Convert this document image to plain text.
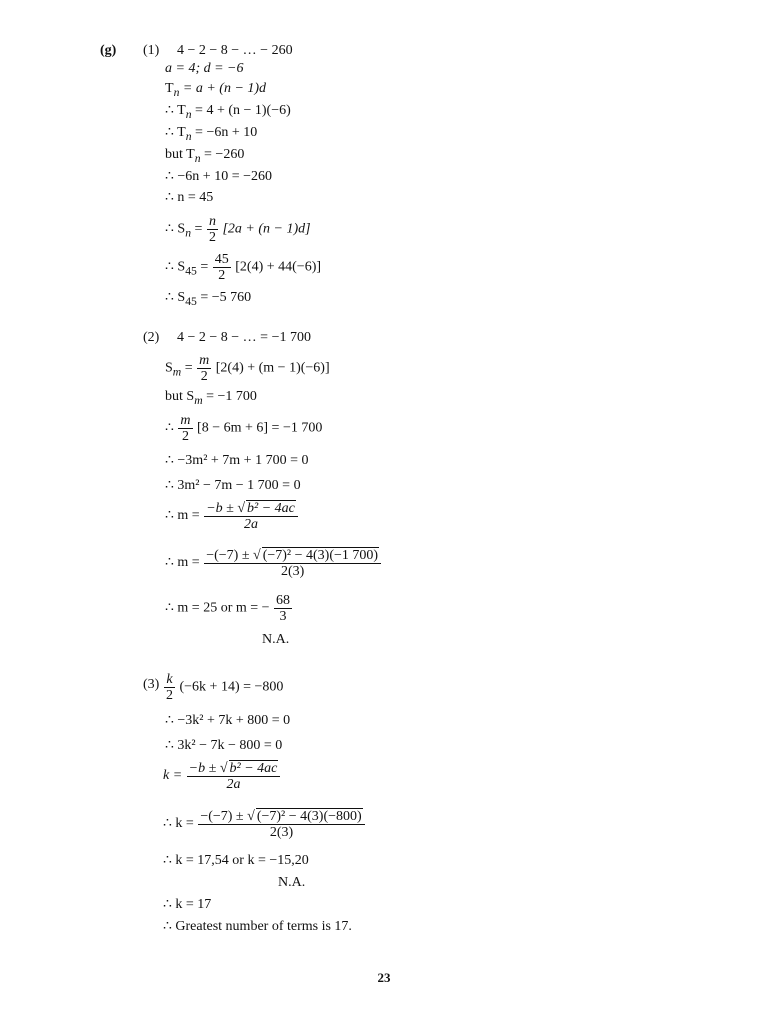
(g) (1) 4 − 2 − 8 − … − 260
a = 4; d = −6
$T_n = a + (n - 1)d$
∴ $T_n = 4 + (n - 1)(-6)$
∴ $T_n = -6n + 10$
but $T_n = -260$
∴ −6n + 10 = −260
∴ n = 45
∴ $S_n = \frac{n}{2} [2a + (n - 1)d]$
∴ $S_{45} = \frac{45}{2} [2(4) + 44(-6)]$
∴ $S_{45} = -5$ 760
(2) 4 − 2 − 8 − … = −1 700
$S_m = \frac{m}{2} [2(4) + (m - 1)(-6)]$
but $S_m = -1$ 700
∴ $\frac{m}{2} [8 - 6m + 6] = -1$ 700
∴ −3m² + 7m + 1 700 = 0
∴ 3m² − 7m − 1 700 = 0
∴ $m = \frac{\text{−b ± √ b² − 4ac}}{2a}$
∴ $m = \frac{\text{−(−7) ± √ (−7)² − 4(3)(−1 700)}}{2(3)}$
∴ m = 25 or m = − $\frac{68}{3}$
N.A.
$(3) \frac{k}{2} (-6k + 14) = -800$
∴ −3k² + 7k + 800 = 0
∴ 3k² − 7k − 800 = 0
$k = \frac{\text{−b ± √ b² − 4ac}}{2a}$
∴ $k = \frac{\text{−(−7) ± √ (−7)² − 4(3)(−800)}}{2(3)}$
∴ k = 17,54 or k = −15,20
N.A.
∴ k = 17
∴ Greatest number of terms is 17.
23
